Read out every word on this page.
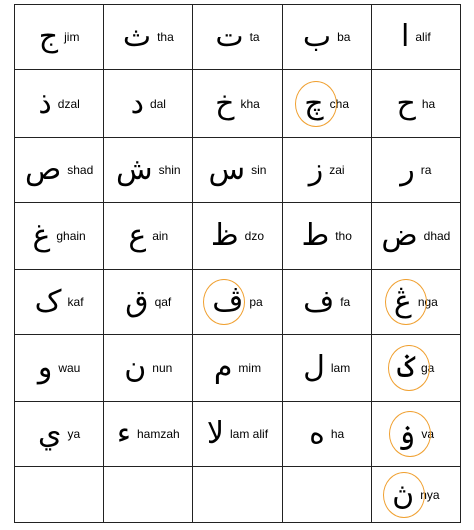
ج jim	ث tha	ت ta	ب ba	ا alif

ذ dzal	د dal	خ kha	چ cha	ح ha

ص shad	ش shin	س sin	ز zai	ر ra

غ ghain	ع ain	ظ dzo	ط tho	ض dhad

ک kaf	ق qaf	ڤ pa	ف fa	ڠ nga

و wau	ن nun	م mim	ل lam	ݢ ga

ي ya	ء hamzah	لا lam alif	ه ha	ۏ va

				ڽ nya
